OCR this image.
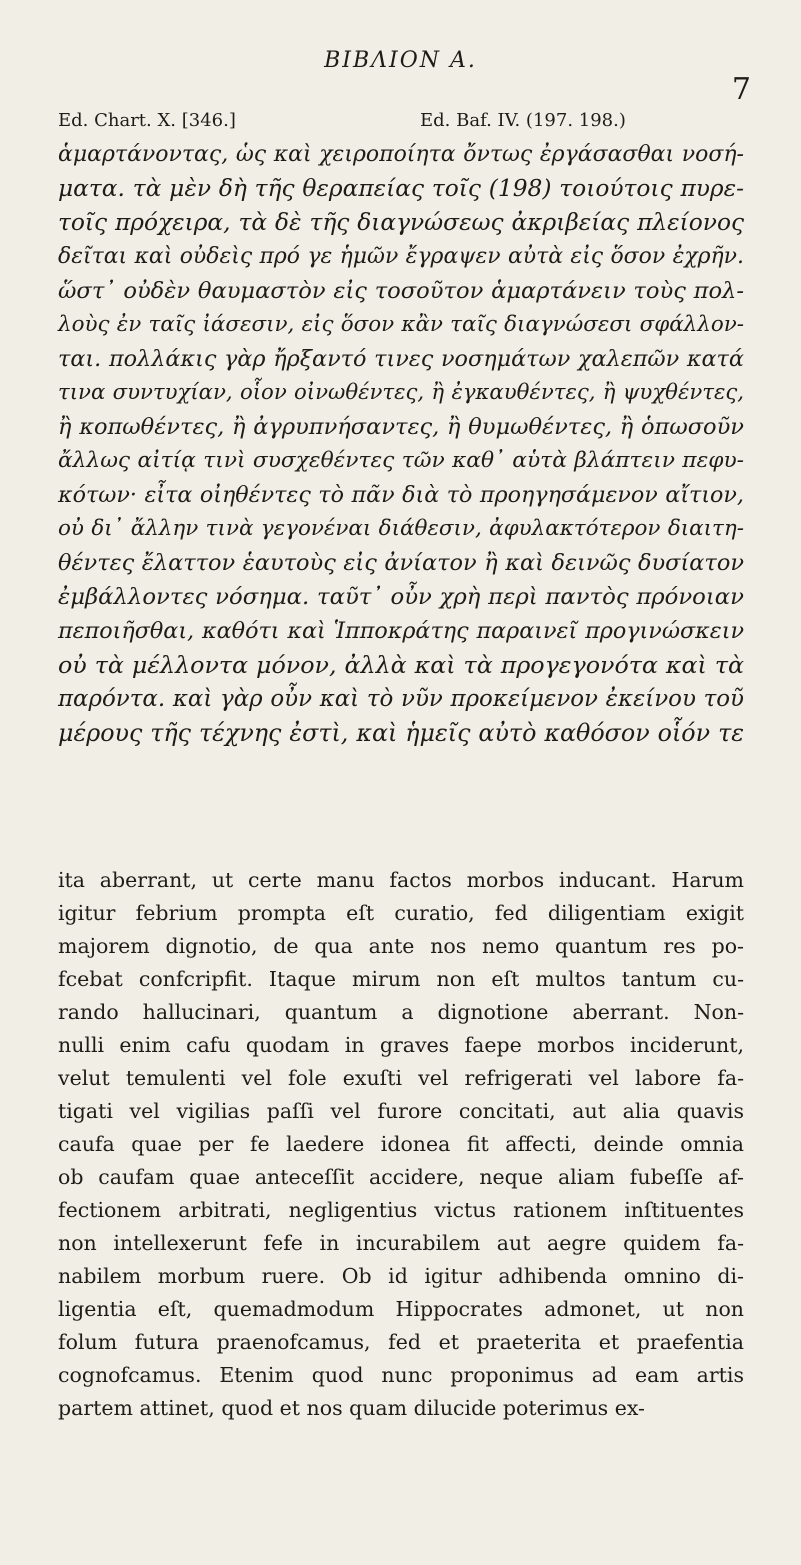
ΒΙΒΛΙΟΝ Α.
7
Ed. Chart. X. [346.]	Ed. Baf. IV. (197. 198.)
ἁμαρτάνοντας, ὡς καὶ χειροποίητα ὄντως ἐργάσασθαι νοσή-
ματα. τὰ μὲν δὴ τῆς θεραπείας τοῖς (198) τοιούτοις πυρε-
τοῖς πρόχειρα, τὰ δὲ τῆς διαγνώσεως ἀκριβείας πλείονος
δεῖται καὶ οὐδεὶς πρό γε ἡμῶν ἔγραψεν αὐτὰ εἰς ὅσον ἐχρῆν.
ὥστ᾽ οὐδὲν θαυμαστὸν εἰς τοσοῦτον ἁμαρτάνειν τοὺς πολ-
λοὺς ἐν ταῖς ἰάσεσιν, εἰς ὅσον κἂν ταῖς διαγνώσεσι σφάλλον-
ται. πολλάκις γὰρ ἤρξαντό τινες νοσημάτων χαλεπῶν κατά
τινα συντυχίαν, οἷον οἰνωθέντες, ἢ ἐγκαυθέντες, ἢ ψυχθέντες,
ἢ κοπωθέντες, ἢ ἀγρυπνήσαντες, ἢ θυμωθέντες, ἢ ὁπωσοῦν
ἄλλως αἰτίᾳ τινὶ συσχεθέντες τῶν καθ᾽ αὑτὰ βλάπτειν πεφυ-
κότων· εἶτα οἰηθέντες τὸ πᾶν διὰ τὸ προηγησάμενον αἴτιον,
οὐ δι᾽ ἄλλην τινὰ γεγονέναι διάθεσιν, ἀφυλακτότερον διαιτη-
θέντες ἔλαττον ἑαυτοὺς εἰς ἀνίατον ἢ καὶ δεινῶς δυσίατον
ἐμβάλλοντες νόσημα. ταῦτ᾽ οὖν χρὴ περὶ παντὸς πρόνοιαν
πεποιῆσθαι, καθότι καὶ Ἱπποκράτης παραινεῖ προγινώσκειν
οὐ τὰ μέλλοντα μόνον, ἀλλὰ καὶ τὰ προγεγονότα καὶ τὰ
παρόντα. καὶ γὰρ οὖν καὶ τὸ νῦν προκείμενον ἐκείνου τοῦ
μέρους τῆς τέχνης ἐστὶ, καὶ ἡμεῖς αὐτὸ καθόσον οἷόν τε
ita aberrant, ut certe manu factos morbos inducant. Harum
igitur febrium prompta eſt curatio, fed diligentiam exigit
majorem dignotio, de qua ante nos nemo quantum res po-
fcebat confcripfit. Itaque mirum non eſt multos tantum cu-
rando hallucinari, quantum a dignotione aberrant. Non-
nulli enim cafu quodam in graves faepe morbos inciderunt,
velut temulenti vel fole exuſti vel refrigerati vel labore fa-
tigati vel vigilias paſſi vel furore concitati, aut alia quavis
caufa quae per fe laedere idonea fit affecti, deinde omnia
ob caufam quae anteceſſit accidere, neque aliam fubeſſe af-
fectionem arbitrati, negligentius victus rationem inſtituentes
non intellexerunt fefe in incurabilem aut aegre quidem fa-
nabilem morbum ruere. Ob id igitur adhibenda omnino di-
ligentia eſt, quemadmodum Hippocrates admonet, ut non
folum futura praenofcamus, fed et praeterita et praefentia
cognofcamus. Etenim quod nunc proponimus ad eam artis
partem attinet, quod et nos quam dilucide poterimus ex-
